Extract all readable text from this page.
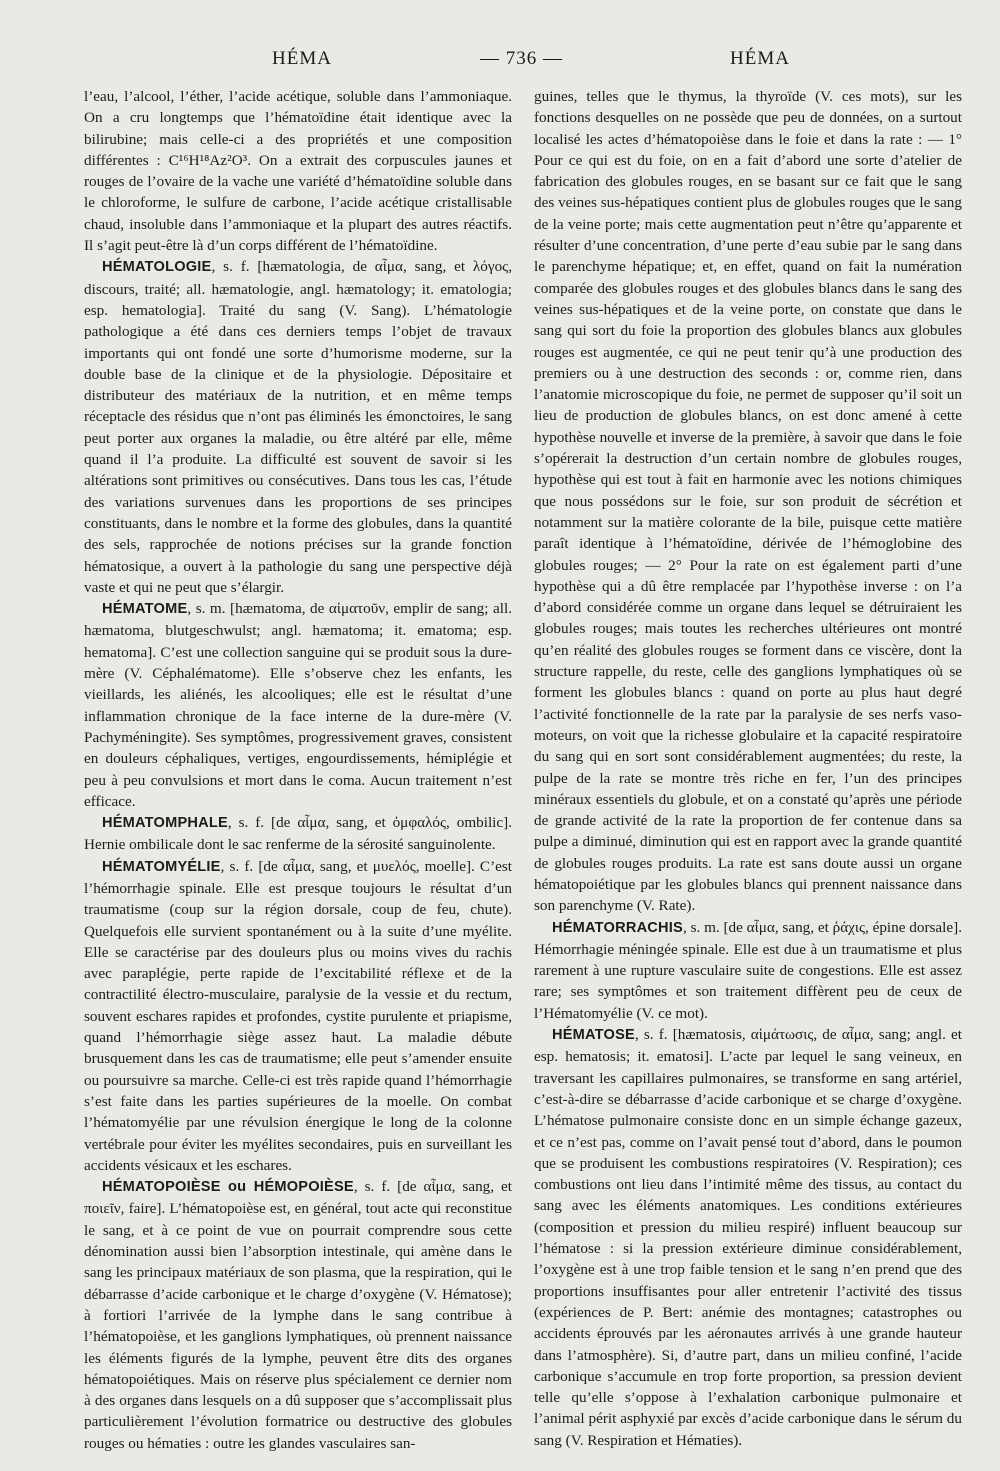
HÉMA	— 736 —	HÉMA

l’eau, l’alcool, l’éther, l’acide acétique, soluble dans l’ammoniaque. On a cru longtemps que l’hématoïdine était identique avec la bilirubine; mais celle-ci a des propriétés et une composition différentes : C¹⁶H¹⁸Az²O³. On a extrait des corpuscules jaunes et rouges de l’ovaire de la vache une variété d’hématoïdine soluble dans le chloroforme, le sulfure de carbone, l’acide acétique cristallisable chaud, insoluble dans l’ammoniaque et la plupart des autres réactifs. Il s’agit peut-être là d’un corps différent de l’hématoïdine.

HÉMATOLOGIE, s. f. [hæmatologia, de αἷμα, sang, et λόγος, discours, traité; all. hæmatologie, angl. hæmatology; it. ematologia; esp. hematologia]. Traité du sang (V. Sang). L’hématologie pathologique a été dans ces derniers temps l’objet de travaux importants qui ont fondé une sorte d’humorisme moderne, sur la double base de la clinique et de la physiologie. Dépositaire et distributeur des matériaux de la nutrition, et en même temps réceptacle des résidus que n’ont pas éliminés les émonctoires, le sang peut porter aux organes la maladie, ou être altéré par elle, même quand il l’a produite. La difficulté est souvent de savoir si les altérations sont primitives ou consécutives. Dans tous les cas, l’étude des variations survenues dans les proportions de ses principes constituants, dans le nombre et la forme des globules, dans la quantité des sels, rapprochée de notions précises sur la grande fonction hématosique, a ouvert à la pathologie du sang une perspective déjà vaste et qui ne peut que s’élargir.

HÉMATOME, s. m. [hæmatoma, de αἱματοῦν, emplir de sang; all. hæmatoma, blutgeschwulst; angl. hæmatoma; it. ematoma; esp. hematoma]. C’est une collection sanguine qui se produit sous la dure-mère (V. Céphalématome). Elle s’observe chez les enfants, les vieillards, les aliénés, les alcooliques; elle est le résultat d’une inflammation chronique de la face interne de la dure-mère (V. Pachyméningite). Ses symptômes, progressivement graves, consistent en douleurs céphaliques, vertiges, engourdissements, hémiplégie et peu à peu convulsions et mort dans le coma. Aucun traitement n’est efficace.

HÉMATOMPHALE, s. f. [de αἷμα, sang, et ὀμφαλός, ombilic]. Hernie ombilicale dont le sac renferme de la sérosité sanguinolente.

HÉMATOMYÉLIE, s. f. [de αἷμα, sang, et μυελός, moelle]. C’est l’hémorrhagie spinale. Elle est presque toujours le résultat d’un traumatisme (coup sur la région dorsale, coup de feu, chute). Quelquefois elle survient spontanément ou à la suite d’une myélite. Elle se caractérise par des douleurs plus ou moins vives du rachis avec paraplégie, perte rapide de l’excitabilité réflexe et de la contractilité électro-musculaire, paralysie de la vessie et du rectum, souvent eschares rapides et profondes, cystite purulente et priapisme, quand l’hémorrhagie siège assez haut. La maladie débute brusquement dans les cas de traumatisme; elle peut s’amender ensuite ou poursuivre sa marche. Celle-ci est très rapide quand l’hémorrhagie s’est faite dans les parties supérieures de la moelle. On combat l’hématomyélie par une révulsion énergique le long de la colonne vertébrale pour éviter les myélites secondaires, puis en surveillant les accidents vésicaux et les eschares.

HÉMATOPOIÈSE ou HÉMOPOIÈSE, s. f. [de αἷμα, sang, et ποιεῖν, faire]. L’hématopoièse est, en général, tout acte qui reconstitue le sang, et à ce point de vue on pourrait comprendre sous cette dénomination aussi bien l’absorption intestinale, qui amène dans le sang les principaux matériaux de son plasma, que la respiration, qui le débarrasse d’acide carbonique et le charge d’oxygène (V. Hématose); à fortiori l’arrivée de la lymphe dans le sang contribue à l’hématopoièse, et les ganglions lymphatiques, où prennent naissance les éléments figurés de la lymphe, peuvent être dits des organes hématopoiétiques. Mais on réserve plus spécialement ce dernier nom à des organes dans lesquels on a dû supposer que s’accomplissait plus particulièrement l’évolution formatrice ou destructive des globules rouges ou hématies : outre les glandes vasculaires san-

guines, telles que le thymus, la thyroïde (V. ces mots), sur les fonctions desquelles on ne possède que peu de données, on a surtout localisé les actes d’hématopoièse dans le foie et dans la rate : — 1° Pour ce qui est du foie, on en a fait d’abord une sorte d’atelier de fabrication des globules rouges, en se basant sur ce fait que le sang des veines sus-hépatiques contient plus de globules rouges que le sang de la veine porte; mais cette augmentation peut n’être qu’apparente et résulter d’une concentration, d’une perte d’eau subie par le sang dans le parenchyme hépatique; et, en effet, quand on fait la numération comparée des globules rouges et des globules blancs dans le sang des veines sus-hépatiques et de la veine porte, on constate que dans le sang qui sort du foie la proportion des globules blancs aux globules rouges est augmentée, ce qui ne peut tenir qu’à une production des premiers ou à une destruction des seconds : or, comme rien, dans l’anatomie microscopique du foie, ne permet de supposer qu’il soit un lieu de production de globules blancs, on est donc amené à cette hypothèse nouvelle et inverse de la première, à savoir que dans le foie s’opérerait la destruction d’un certain nombre de globules rouges, hypothèse qui est tout à fait en harmonie avec les notions chimiques que nous possédons sur le foie, sur son produit de sécrétion et notamment sur la matière colorante de la bile, puisque cette matière paraît identique à l’hématoïdine, dérivée de l’hémoglobine des globules rouges; — 2° Pour la rate on est également parti d’une hypothèse qui a dû être remplacée par l’hypothèse inverse : on l’a d’abord considérée comme un organe dans lequel se détruiraient les globules rouges; mais toutes les recherches ultérieures ont montré qu’en réalité des globules rouges se forment dans ce viscère, dont la structure rappelle, du reste, celle des ganglions lymphatiques où se forment les globules blancs : quand on porte au plus haut degré l’activité fonctionnelle de la rate par la paralysie de ses nerfs vaso-moteurs, on voit que la richesse globulaire et la capacité respiratoire du sang qui en sort sont considérablement augmentées; du reste, la pulpe de la rate se montre très riche en fer, l’un des principes minéraux essentiels du globule, et on a constaté qu’après une période de grande activité de la rate la proportion de fer contenue dans sa pulpe a diminué, diminution qui est en rapport avec la grande quantité de globules rouges produits. La rate est sans doute aussi un organe hématopoiétique par les globules blancs qui prennent naissance dans son parenchyme (V. Rate).

HÉMATORRACHIS, s. m. [de αἷμα, sang, et ῥάχις, épine dorsale]. Hémorrhagie méningée spinale. Elle est due à un traumatisme et plus rarement à une rupture vasculaire suite de congestions. Elle est assez rare; ses symptômes et son traitement diffèrent peu de ceux de l’Hématomyélie (V. ce mot).

HÉMATOSE, s. f. [hæmatosis, αἱμάτωσις, de αἷμα, sang; angl. et esp. hematosis; it. ematosi]. L’acte par lequel le sang veineux, en traversant les capillaires pulmonaires, se transforme en sang artériel, c’est-à-dire se débarrasse d’acide carbonique et se charge d’oxygène. L’hématose pulmonaire consiste donc en un simple échange gazeux, et ce n’est pas, comme on l’avait pensé tout d’abord, dans le poumon que se produisent les combustions respiratoires (V. Respiration); ces combustions ont lieu dans l’intimité même des tissus, au contact du sang avec les éléments anatomiques. Les conditions extérieures (composition et pression du milieu respiré) influent beaucoup sur l’hématose : si la pression extérieure diminue considérablement, l’oxygène est à une trop faible tension et le sang n’en prend que des proportions insuffisantes pour aller entretenir l’activité des tissus (expériences de P. Bert: anémie des montagnes; catastrophes ou accidents éprouvés par les aéronautes arrivés à une grande hauteur dans l’atmosphère). Si, d’autre part, dans un milieu confiné, l’acide carbonique s’accumule en trop forte proportion, sa pression devient telle qu’elle s’oppose à l’exhalation carbonique pulmonaire et l’animal périt asphyxié par excès d’acide carbonique dans le sérum du sang (V. Respiration et Hématies).
